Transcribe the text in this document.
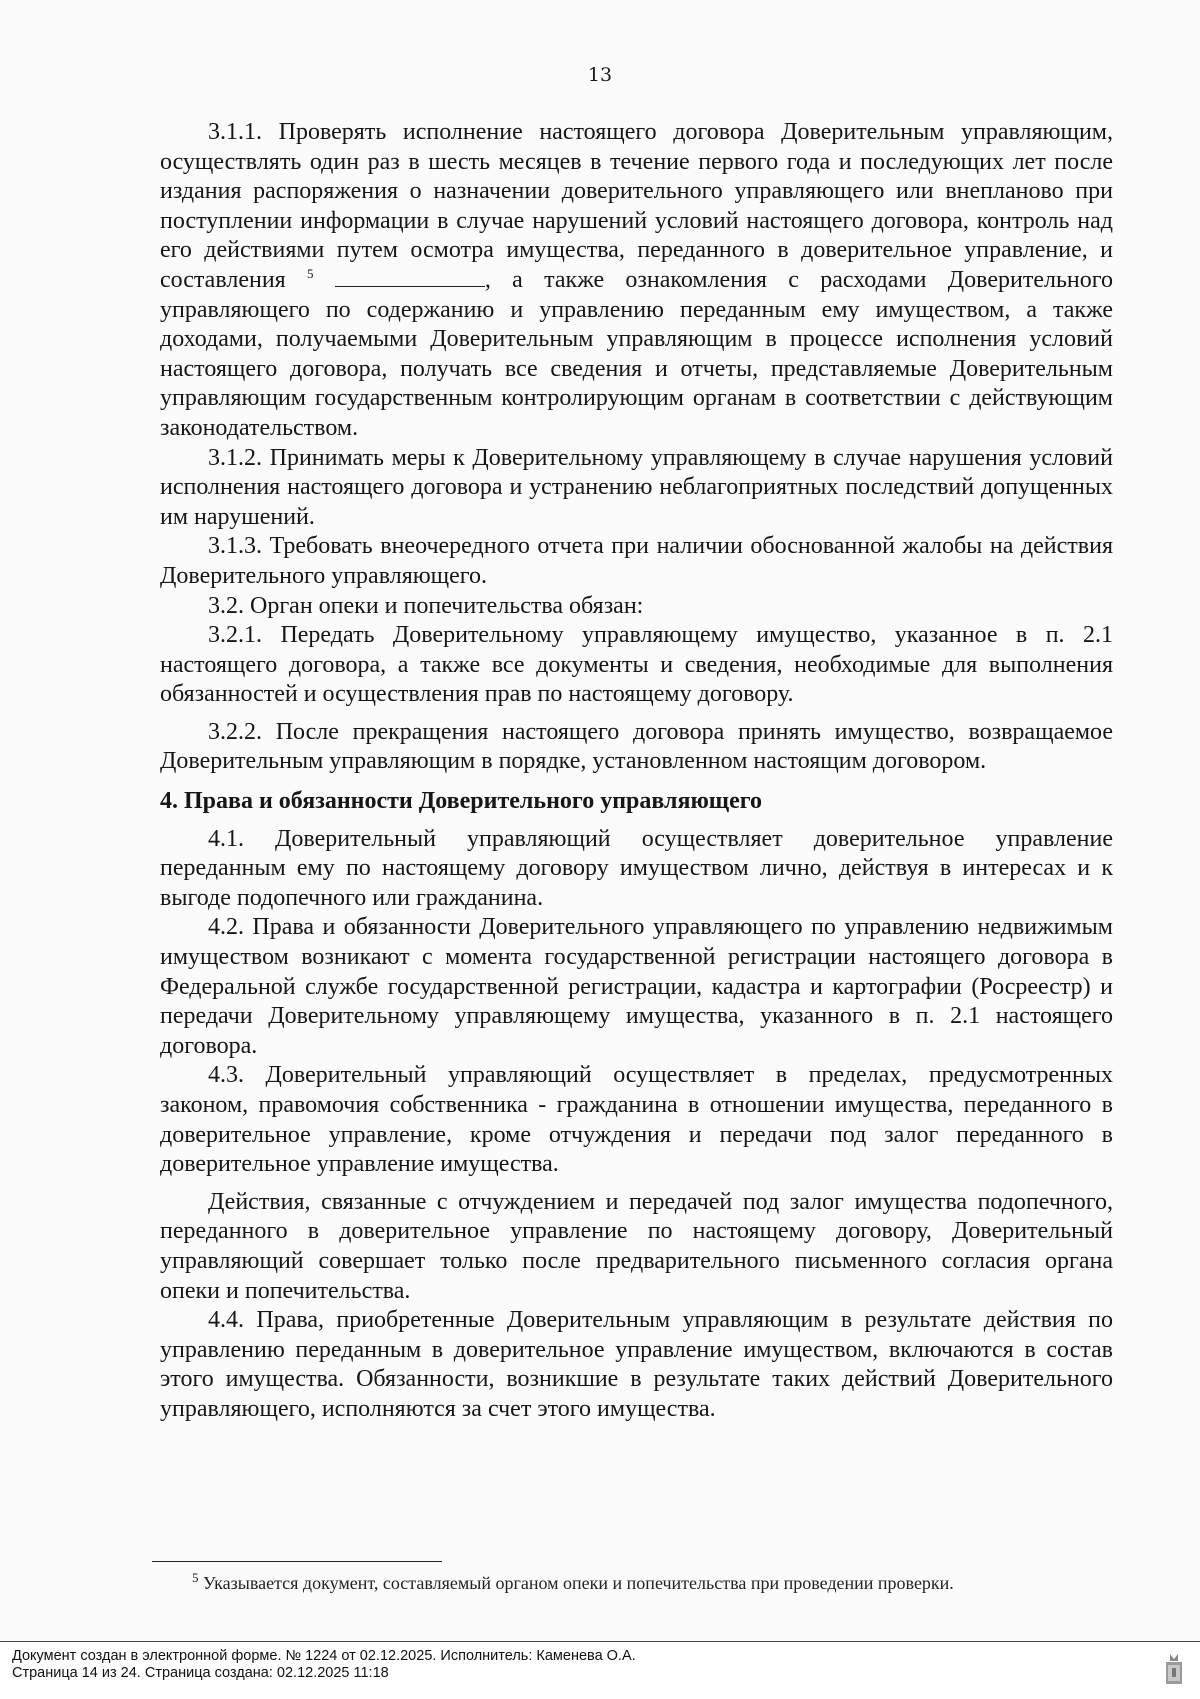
13

3.1.1. Проверять исполнение настоящего договора Доверительным управляющим, осуществлять один раз в шесть месяцев в течение первого года и последующих лет после издания распоряжения о назначении доверительного управляющего или внепланово при поступлении информации в случае нарушений условий настоящего договора, контроль над его действиями путем осмотра имущества, переданного в доверительное управление, и составления $^5$	, а также ознакомления с расходами Доверительного управляющего по содержанию и управлению переданным ему имуществом, а также доходами, получаемыми Доверительным управляющим в процессе исполнения условий настоящего договора, получать все сведения и отчеты, представляемые Доверительным управляющим государственным контролирующим органам в соответствии с действующим законодательством.

3.1.2. Принимать меры к Доверительному управляющему в случае нарушения условий исполнения настоящего договора и устранению неблагоприятных последствий допущенных им нарушений.

3.1.3. Требовать внеочередного отчета при наличии обоснованной жалобы на действия Доверительного управляющего.

3.2. Орган опеки и попечительства обязан:

3.2.1. Передать Доверительному управляющему имущество, указанное в п. 2.1 настоящего договора, а также все документы и сведения, необходимые для выполнения обязанностей и осуществления прав по настоящему договору.

3.2.2. После прекращения настоящего договора принять имущество, возвращаемое Доверительным управляющим в порядке, установленном настоящим договором.

4. Права и обязанности Доверительного управляющего

4.1. Доверительный управляющий осуществляет доверительное управление переданным ему по настоящему договору имуществом лично, действуя в интересах и к выгоде подопечного или гражданина.

4.2. Права и обязанности Доверительного управляющего по управлению недвижимым имуществом возникают с момента государственной регистрации настоящего договора в Федеральной службе государственной регистрации, кадастра и картографии (Росреестр) и передачи Доверительному управляющему имущества, указанного в п. 2.1 настоящего договора.

4.3. Доверительный управляющий осуществляет в пределах, предусмотренных законом, правомочия собственника - гражданина в отношении имущества, переданного в доверительное управление, кроме отчуждения и передачи под залог переданного в доверительное управление имущества.

Действия, связанные с отчуждением и передачей под залог имущества подопечного, переданного в доверительное управление по настоящему договору, Доверительный управляющий совершает только после предварительного письменного согласия органа опеки и попечительства.

4.4. Права, приобретенные Доверительным управляющим в результате действия по управлению переданным в доверительное управление имуществом, включаются в состав этого имущества. Обязанности, возникшие в результате таких действий Доверительного управляющего, исполняются за счет этого имущества.

$^5$ Указывается документ, составляемый органом опеки и попечительства при проведении проверки.
Документ создан в электронной форме. № 1224 от 02.12.2025. Исполнитель: Каменева О.А.
Страница 14 из 24. Страница создана: 02.12.2025 11:18
